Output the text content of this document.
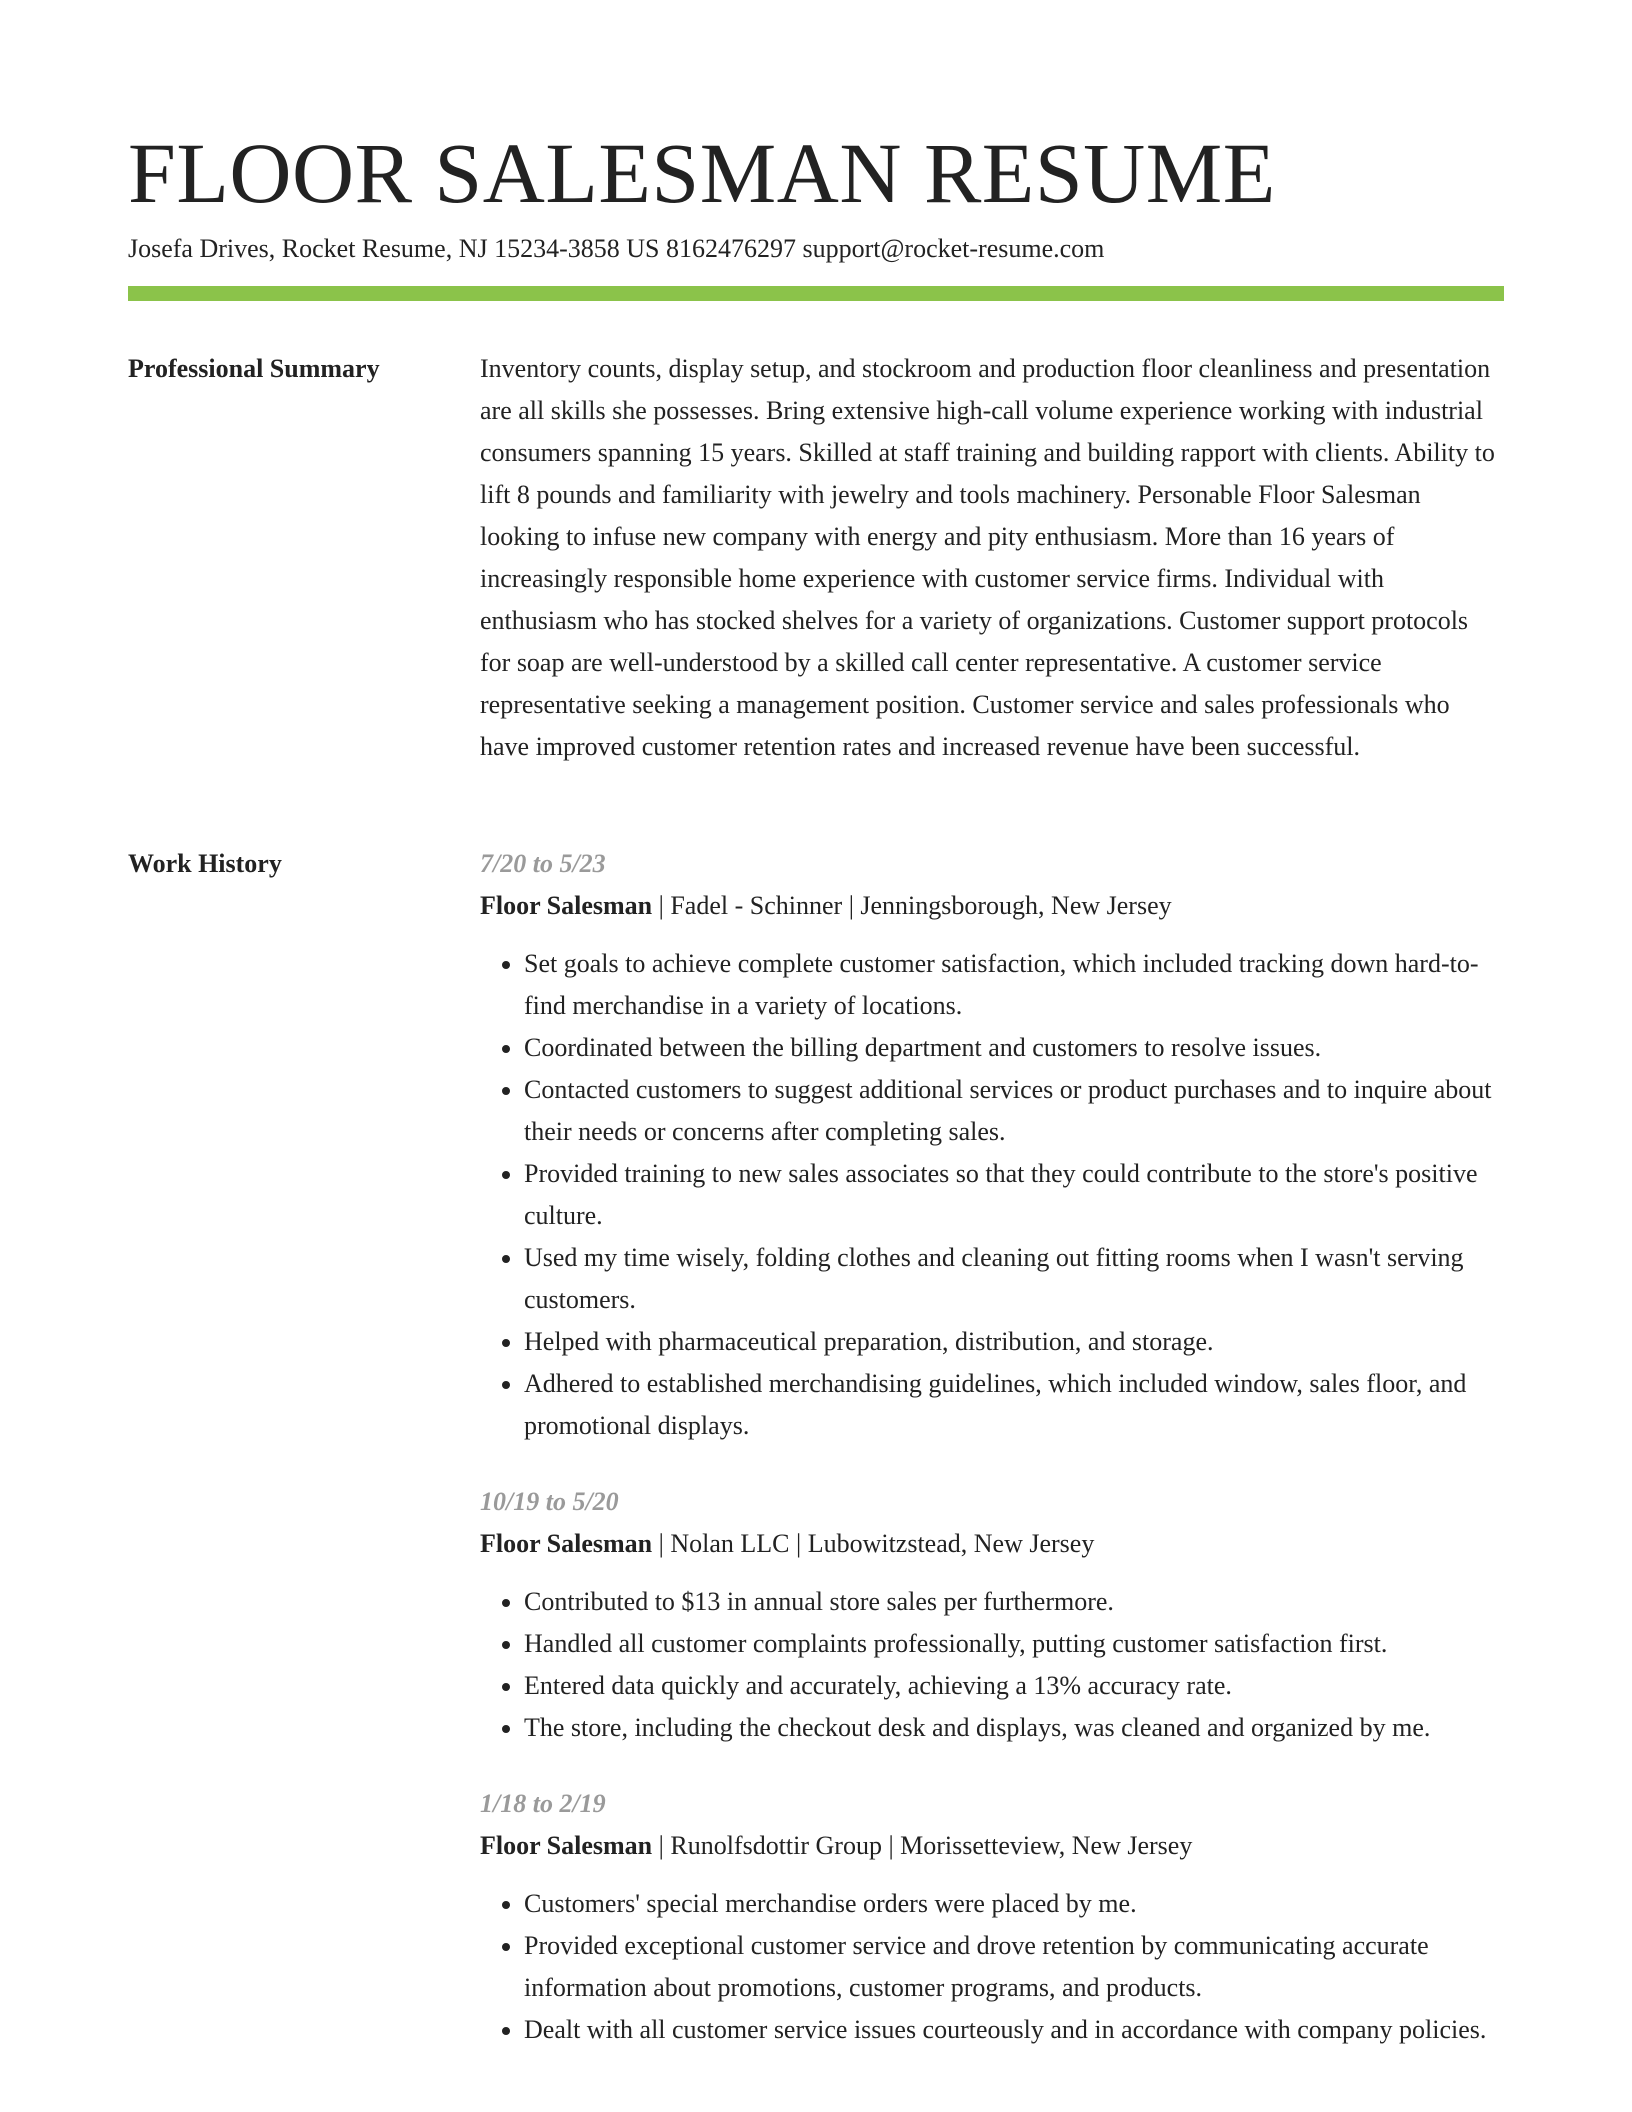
FLOOR SALESMAN RESUME
Josefa Drives, Rocket Resume, NJ 15234-3858 US 8162476297 support@rocket-resume.com
Professional Summary	Inventory counts, display setup, and stockroom and production floor cleanliness and presentation are all skills she possesses. Bring extensive high-call volume experience working with industrial consumers spanning 15 years. Skilled at staff training and building rapport with clients. Ability to lift 8 pounds and familiarity with jewelry and tools machinery. Personable Floor Salesman looking to infuse new company with energy and pity enthusiasm. More than 16 years of increasingly responsible home experience with customer service firms. Individual with enthusiasm who has stocked shelves for a variety of organizations. Customer support protocols for soap are well-understood by a skilled call center representative. A customer service representative seeking a management position. Customer service and sales professionals who have improved customer retention rates and increased revenue have been successful.

Work History	7/20 to 5/23
Floor Salesman | Fadel - Schinner | Jenningsborough, New Jersey
• Set goals to achieve complete customer satisfaction, which included tracking down hard-to-find merchandise in a variety of locations.
• Coordinated between the billing department and customers to resolve issues.
• Contacted customers to suggest additional services or product purchases and to inquire about their needs or concerns after completing sales.
• Provided training to new sales associates so that they could contribute to the store's positive culture.
• Used my time wisely, folding clothes and cleaning out fitting rooms when I wasn't serving customers.
• Helped with pharmaceutical preparation, distribution, and storage.
• Adhered to established merchandising guidelines, which included window, sales floor, and promotional displays.
10/19 to 5/20
Floor Salesman | Nolan LLC | Lubowitzstead, New Jersey
• Contributed to $13 in annual store sales per furthermore.
• Handled all customer complaints professionally, putting customer satisfaction first.
• Entered data quickly and accurately, achieving a 13% accuracy rate.
• The store, including the checkout desk and displays, was cleaned and organized by me.
1/18 to 2/19
Floor Salesman | Runolfsdottir Group | Morissetteview, New Jersey
• Customers' special merchandise orders were placed by me.
• Provided exceptional customer service and drove retention by communicating accurate information about promotions, customer programs, and products.
• Dealt with all customer service issues courteously and in accordance with company policies.
